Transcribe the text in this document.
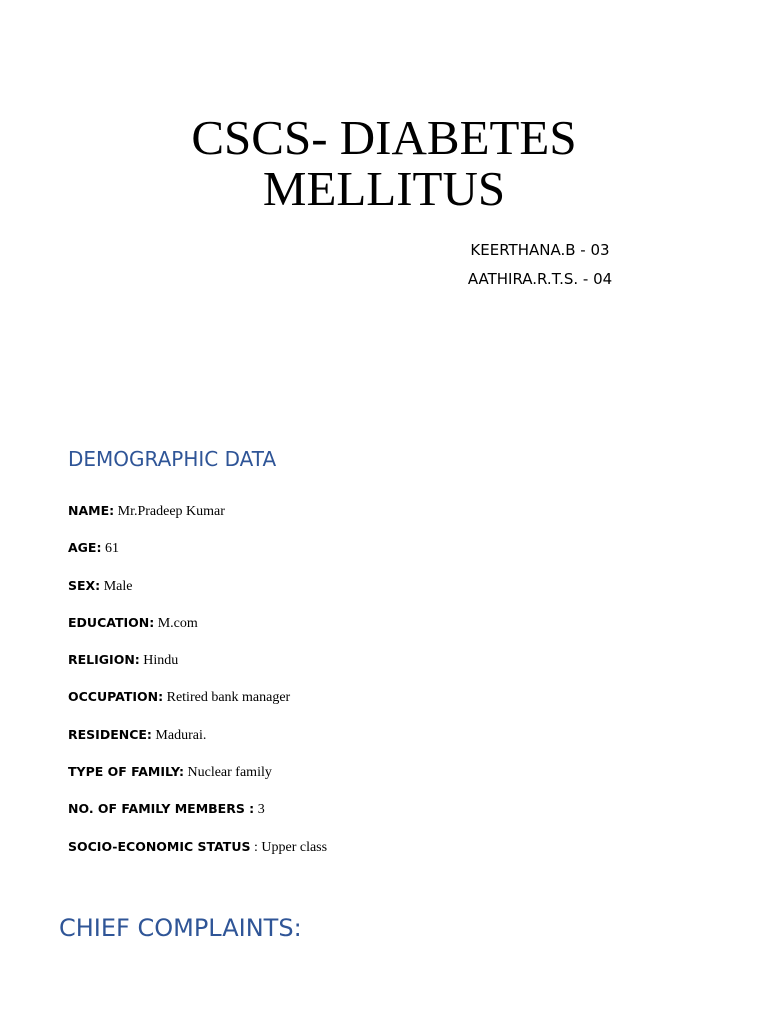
CSCS- DIABETES
MELLITUS
KEERTHANA.B - 03
AATHIRA.R.T.S. - 04
DEMOGRAPHIC DATA
NAME: Mr.Pradeep Kumar
AGE: 61
SEX: Male
EDUCATION: M.com
RELIGION: Hindu
OCCUPATION: Retired bank manager
RESIDENCE: Madurai.
TYPE OF FAMILY: Nuclear family
NO. OF FAMILY MEMBERS : 3
SOCIO-ECONOMIC STATUS : Upper class
CHIEF COMPLAINTS:
